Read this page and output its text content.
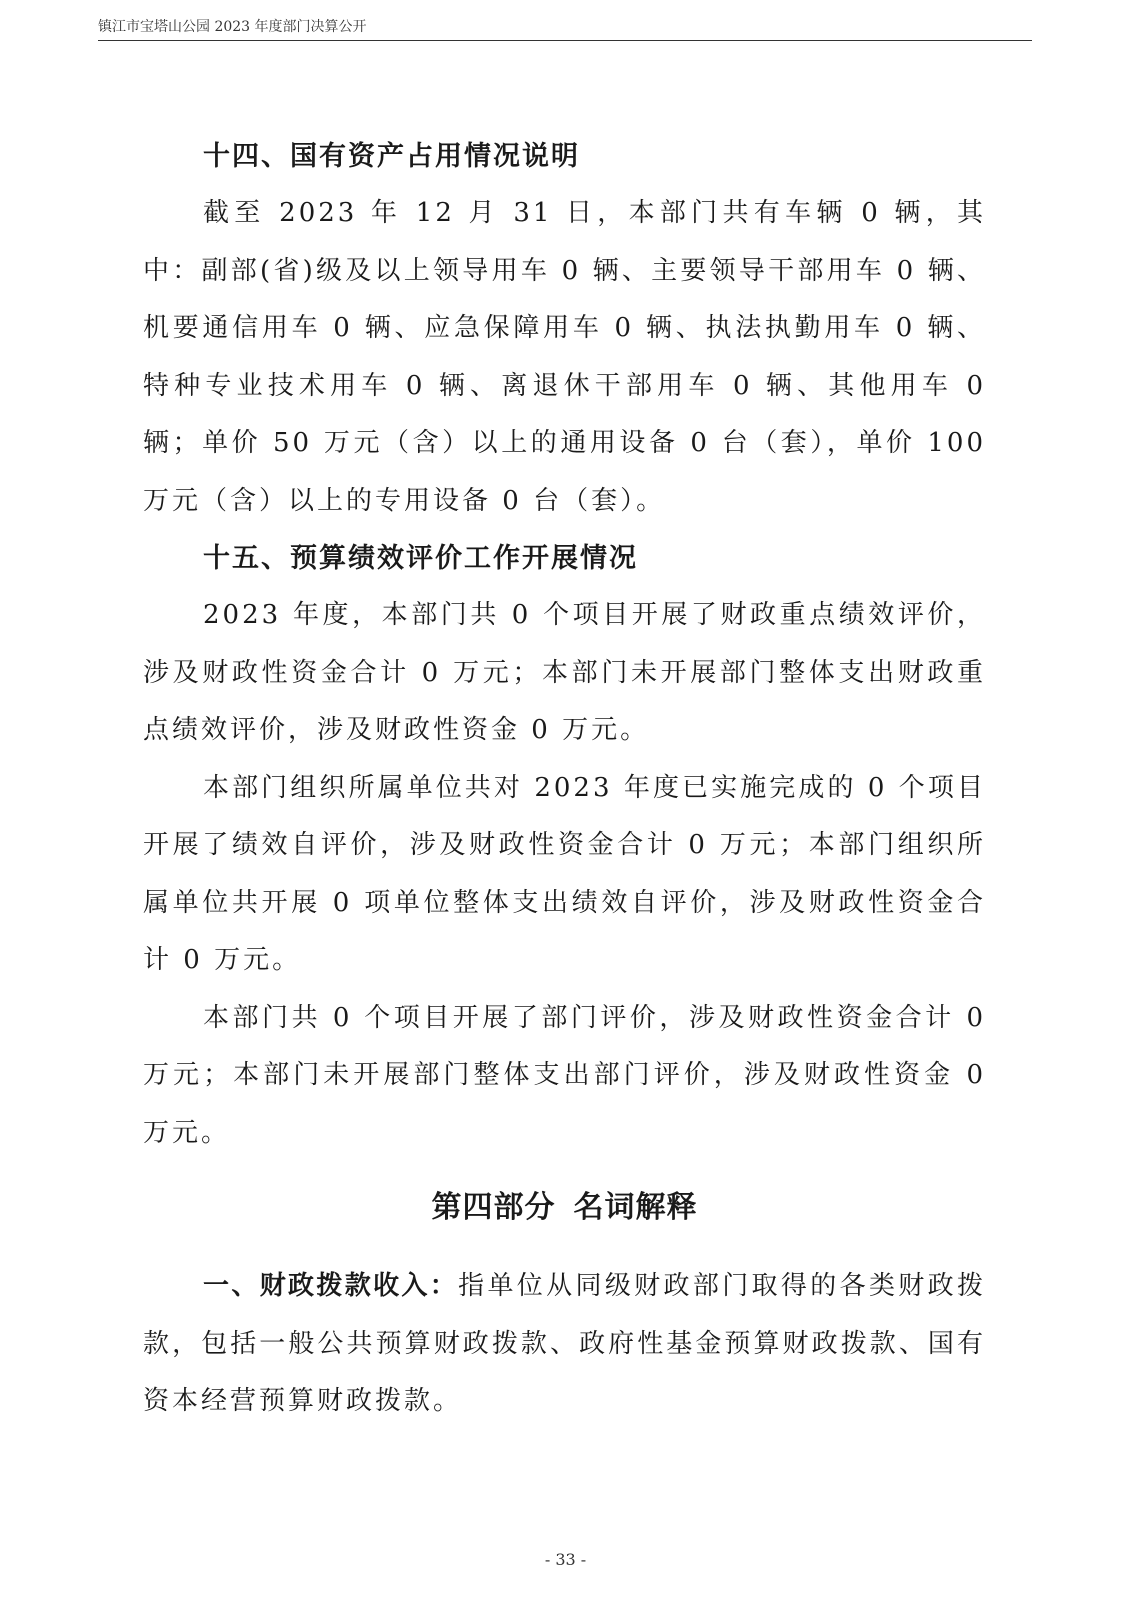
镇江市宝塔山公园 2023 年度部门决算公开
十四、国有资产占用情况说明

截至 2023 年 12 月 31 日，本部门共有车辆 0 辆，其中：副部(省)级及以上领导用车 0 辆、主要领导干部用车 0 辆、机要通信用车 0 辆、应急保障用车 0 辆、执法执勤用车 0 辆、特种专业技术用车 0 辆、离退休干部用车 0 辆、其他用车 0 辆；单价 50 万元（含）以上的通用设备 0 台（套），单价 100 万元（含）以上的专用设备 0 台（套）。

十五、预算绩效评价工作开展情况

2023 年度，本部门共 0 个项目开展了财政重点绩效评价，涉及财政性资金合计 0 万元；本部门未开展部门整体支出财政重点绩效评价，涉及财政性资金 0 万元。

本部门组织所属单位共对 2023 年度已实施完成的 0 个项目开展了绩效自评价，涉及财政性资金合计 0 万元；本部门组织所属单位共开展 0 项单位整体支出绩效自评价，涉及财政性资金合计 0 万元。

本部门共 0 个项目开展了部门评价，涉及财政性资金合计 0 万元；本部门未开展部门整体支出部门评价，涉及财政性资金 0 万元。

第四部分 名词解释

一、财政拨款收入：指单位从同级财政部门取得的各类财政拨款，包括一般公共预算财政拨款、政府性基金预算财政拨款、国有资本经营预算财政拨款。

- 33 -
